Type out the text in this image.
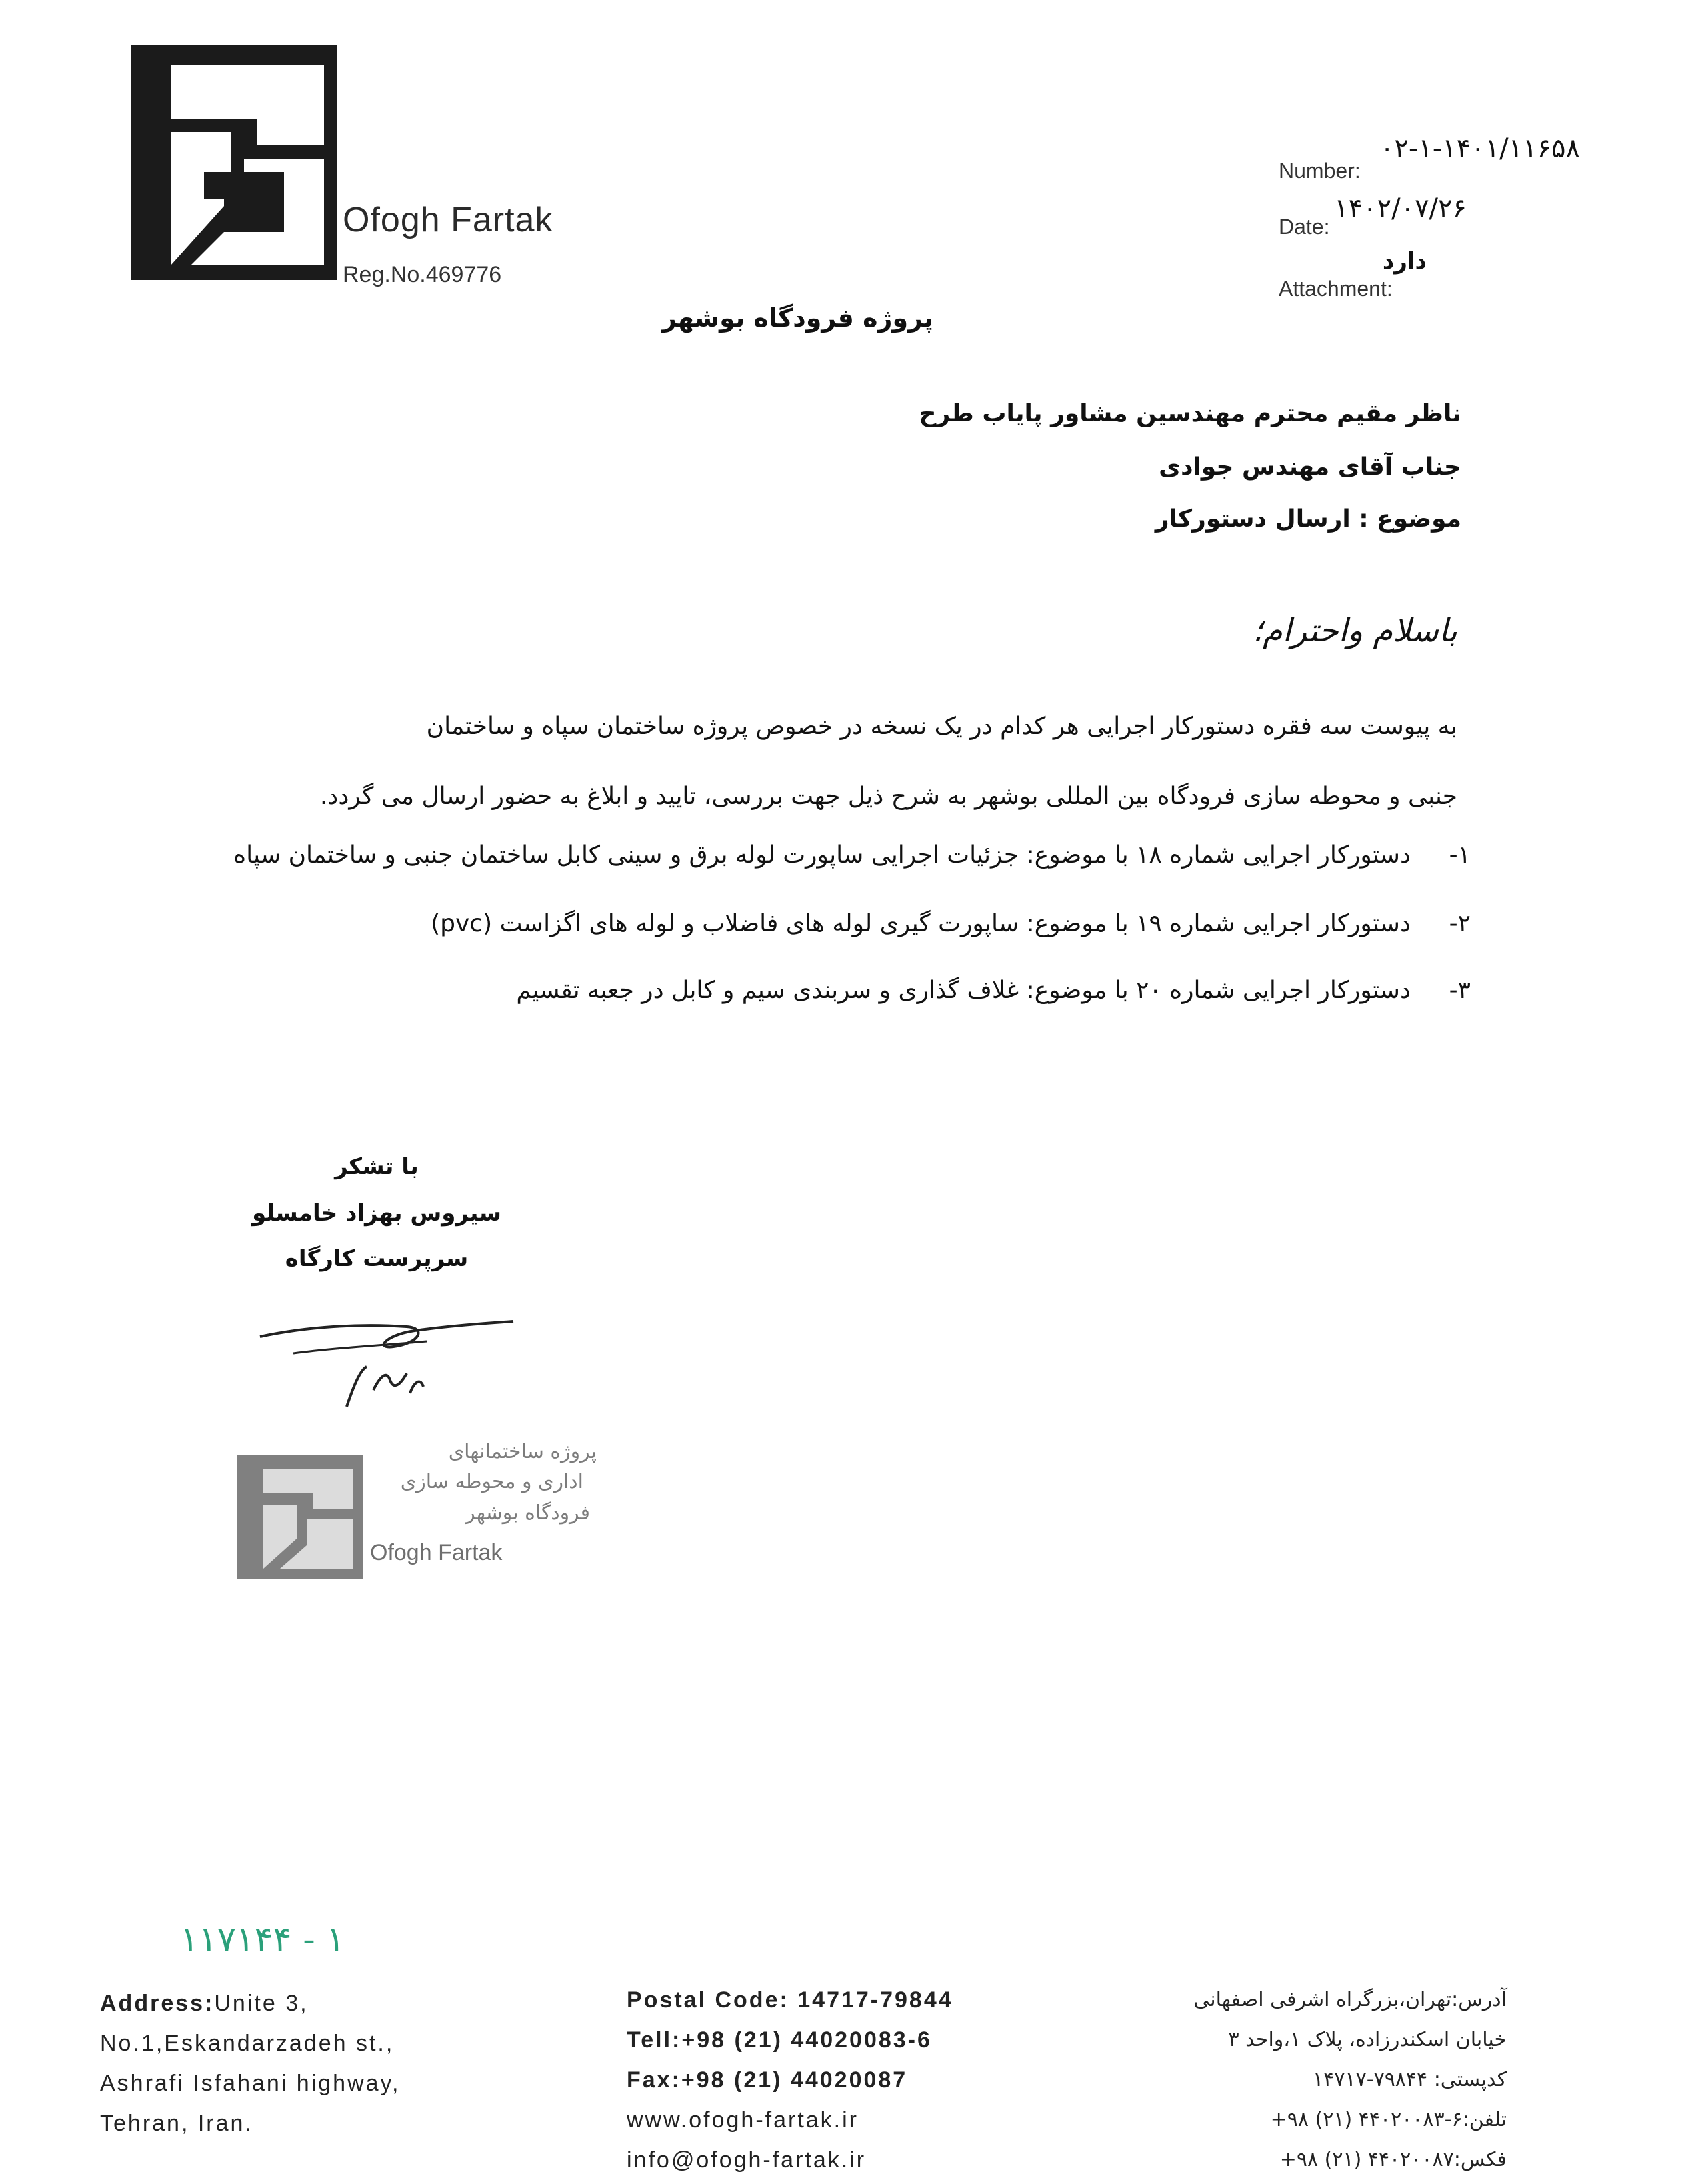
Ofogh Fartak
Reg.No.469776
۰۲-۱-۱۴۰۱/۱۱۶۵۸
Number:
۱۴۰۲/۰۷/۲۶
Date:
دارد
Attachment:
پروژه فرودگاه بوشهر
ناظر مقیم محترم مهندسین مشاور پایاب طرح
جناب آقای مهندس جوادی
موضوع : ارسال دستورکار
باسلام واحترام؛
به پیوست سه فقره دستورکار اجرایی هر کدام در یک نسخه در خصوص پروژه ساختمان سپاه و ساختمان
جنبی و محوطه سازی فرودگاه بین المللی بوشهر به شرح ذیل جهت بررسی، تایید و ابلاغ به حضور ارسال می گردد.
۱-
دستورکار اجرایی شماره ۱۸ با موضوع: جزئیات اجرایی ساپورت لوله برق و سینی کابل ساختمان جنبی و ساختمان سپاه
۲-
دستورکار اجرایی شماره ۱۹ با موضوع: ساپورت گیری لوله های فاضلاب و لوله های اگزاست (pvc)
۳-
دستورکار اجرایی شماره ۲۰ با موضوع: غلاف گذاری و سربندی سیم و کابل در جعبه تقسیم
با تشکر
سیروس بهزاد خامسلو
سرپرست کارگاه
پروژه ساختمانهای
اداری و محوطه سازی
فرودگاه بوشهر
Ofogh Fartak
۱۱۷۱۴۴ - ۱
Address:Unite 3,
No.1,Eskandarzadeh st.,
Ashrafi Isfahani highway,
Tehran, Iran.
Postal Code: 14717-79844
Tell:+98 (21) 44020083-6
Fax:+98 (21) 44020087
www.ofogh-fartak.ir
info@ofogh-fartak.ir
آدرس:تهران،بزرگراه اشرفی اصفهانی
خیابان اسکندرزاده، پلاک ۱،واحد ۳
کدپستی: ۷۹۸۴۴-۱۴۷۱۷
تلفن:۶-۴۴۰۲۰۰۸۳ (۲۱) ۹۸+
فکس:۴۴۰۲۰۰۸۷ (۲۱) ۹۸+
